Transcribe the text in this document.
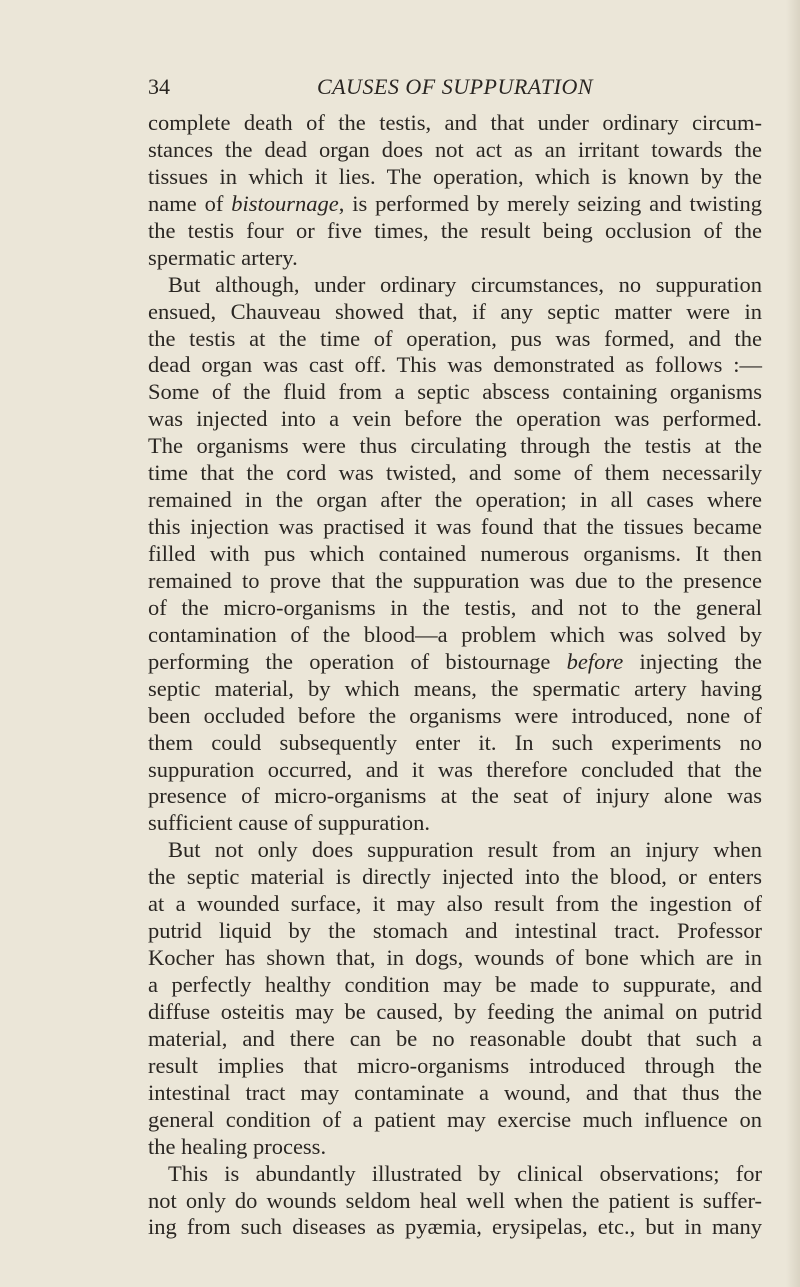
34	CAUSES OF SUPPURATION
complete death of the testis, and that under ordinary circum-
stances the dead organ does not act as an irritant towards the
tissues in which it lies. The operation, which is known by the
name of bistournage, is performed by merely seizing and twisting
the testis four or five times, the result being occlusion of the
spermatic artery.
But although, under ordinary circumstances, no suppuration
ensued, Chauveau showed that, if any septic matter were in
the testis at the time of operation, pus was formed, and the
dead organ was cast off. This was demonstrated as follows :—
Some of the fluid from a septic abscess containing organisms
was injected into a vein before the operation was performed.
The organisms were thus circulating through the testis at the
time that the cord was twisted, and some of them necessarily
remained in the organ after the operation; in all cases where
this injection was practised it was found that the tissues became
filled with pus which contained numerous organisms. It then
remained to prove that the suppuration was due to the presence
of the micro-organisms in the testis, and not to the general
contamination of the blood—a problem which was solved by
performing the operation of bistournage before injecting the
septic material, by which means, the spermatic artery having
been occluded before the organisms were introduced, none of
them could subsequently enter it. In such experiments no
suppuration occurred, and it was therefore concluded that the
presence of micro-organisms at the seat of injury alone was
sufficient cause of suppuration.
But not only does suppuration result from an injury when
the septic material is directly injected into the blood, or enters
at a wounded surface, it may also result from the ingestion of
putrid liquid by the stomach and intestinal tract. Professor
Kocher has shown that, in dogs, wounds of bone which are in
a perfectly healthy condition may be made to suppurate, and
diffuse osteitis may be caused, by feeding the animal on putrid
material, and there can be no reasonable doubt that such a
result implies that micro-organisms introduced through the
intestinal tract may contaminate a wound, and that thus the
general condition of a patient may exercise much influence on
the healing process.
This is abundantly illustrated by clinical observations; for
not only do wounds seldom heal well when the patient is suffer-
ing from such diseases as pyæmia, erysipelas, etc., but in many
